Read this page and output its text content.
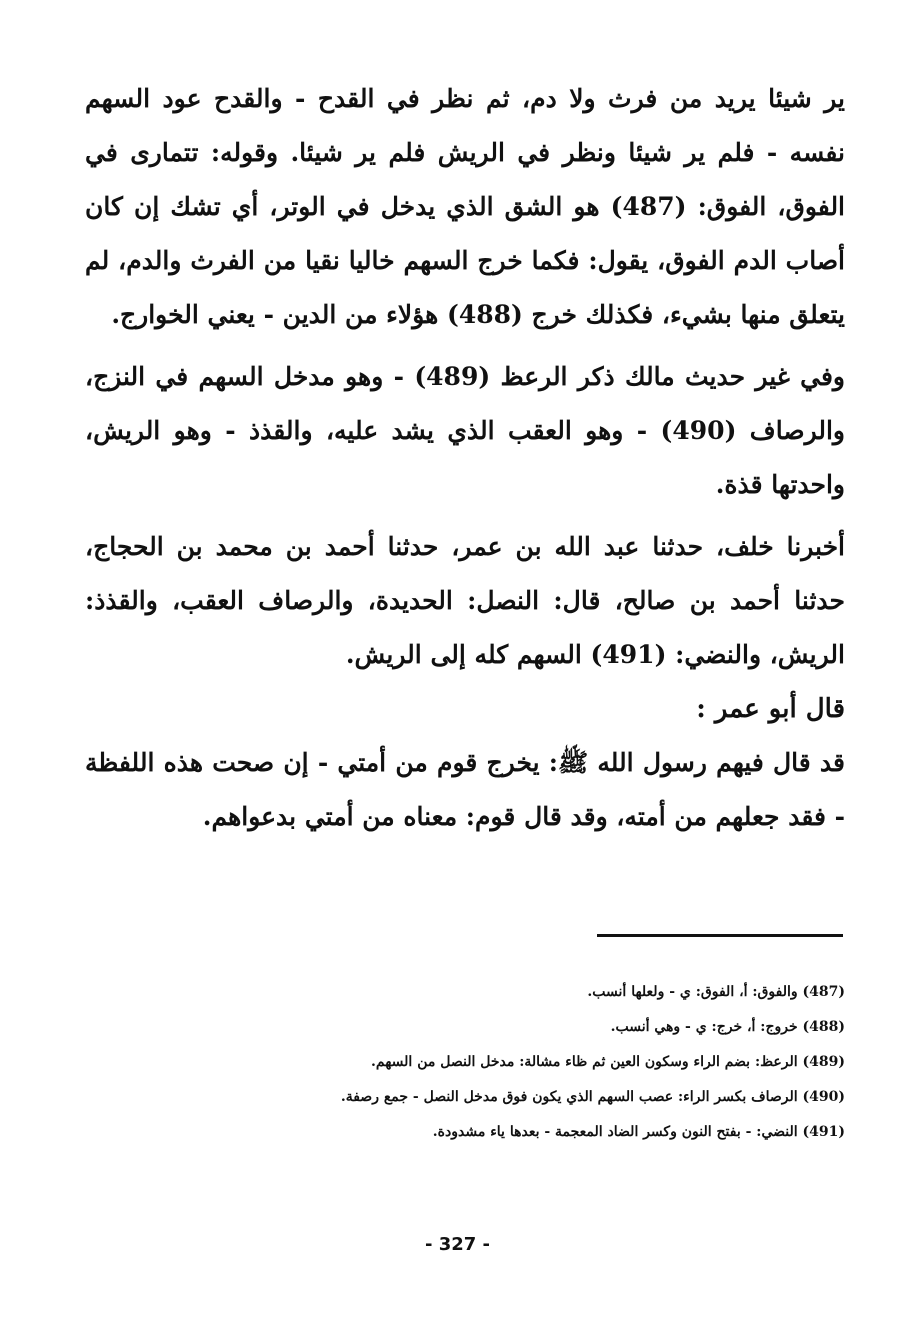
ير شيئا يريد من فرث ولا دم، ثم نظر في القدح - والقدح عود السهم نفسه - فلم ير شيئا ونظر في الريش فلم ير شيئا. وقوله: تتمارى في الفوق، الفوق: (487) هو الشق الذي يدخل في الوتر، أي تشك إن كان أصاب الدم الفوق، يقول: فكما خرج السهم خاليا نقيا من الفرث والدم، لم يتعلق منها بشيء، فكذلك خرج (488) هؤلاء من الدين - يعني الخوارج.

وفي غير حديث مالك ذكر الرعظ (489) - وهو مدخل السهم في النزج، والرصاف (490) - وهو العقب الذي يشد عليه، والقذذ - وهو الريش، واحدتها قذة.

أخبرنا خلف، حدثنا عبد الله بن عمر، حدثنا أحمد بن محمد بن الحجاج، حدثنا أحمد بن صالح، قال: النصل: الحديدة، والرصاف العقب، والقذذ: الريش، والنضي: (491) السهم كله إلى الريش.

قال أبو عمر :

قد قال فيهم رسول الله ﷺ: يخرج قوم من أمتي - إن صحت هذه اللفظة - فقد جعلهم من أمته، وقد قال قوم: معناه من أمتي بدعواهم.

(487) والفوق: أ، الفوق: ي - ولعلها أنسب.

(488) خروج: أ، خرج: ي - وهي أنسب.

(489) الرعظ: بضم الراء وسكون العين ثم ظاء مشالة: مدخل النصل من السهم.

(490) الرصاف بكسر الراء: عصب السهم الذي يكون فوق مدخل النصل - جمع رصفة.

(491) النضي: - بفتح النون وكسر الضاد المعجمة - بعدها ياء مشدودة.

- 327 -
